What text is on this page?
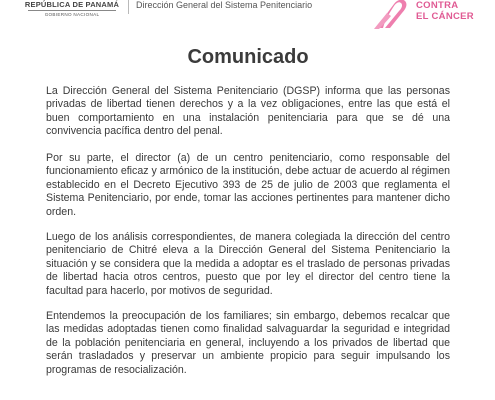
REPÚBLICA DE PANAMÁ
GOBIERNO NACIONAL
Dirección General del Sistema Penitenciario	CONTRA
EL CÁNCER
Comunicado

La Dirección General del Sistema Penitenciario (DGSP) informa que las personas privadas de libertad tienen derechos y a la vez obligaciones, entre las que está el buen comportamiento en una instalación penitenciaria para que se dé una convivencia pacífica dentro del penal.

Por su parte, el director (a) de un centro penitenciario, como responsable del funcionamiento eficaz y armónico de la institución, debe actuar de acuerdo al régimen establecido en el Decreto Ejecutivo 393 de 25 de julio de 2003 que reglamenta el Sistema Penitenciario, por ende, tomar las acciones pertinentes para mantener dicho orden.

Luego de los análisis correspondientes, de manera colegiada la dirección del centro penitenciario de Chitré eleva a la Dirección General del Sistema Penitenciario la situación y se considera que la medida a adoptar es el traslado de personas privadas de libertad hacia otros centros, puesto que por ley el director del centro tiene la facultad para hacerlo, por motivos de seguridad.

Entendemos la preocupación de los familiares; sin embargo, debemos recalcar que las medidas adoptadas tienen como finalidad salvaguardar la seguridad e integridad de la población penitenciaria en general, incluyendo a los privados de libertad que serán trasladados y preservar un ambiente propicio para seguir impulsando los programas de resocialización.
